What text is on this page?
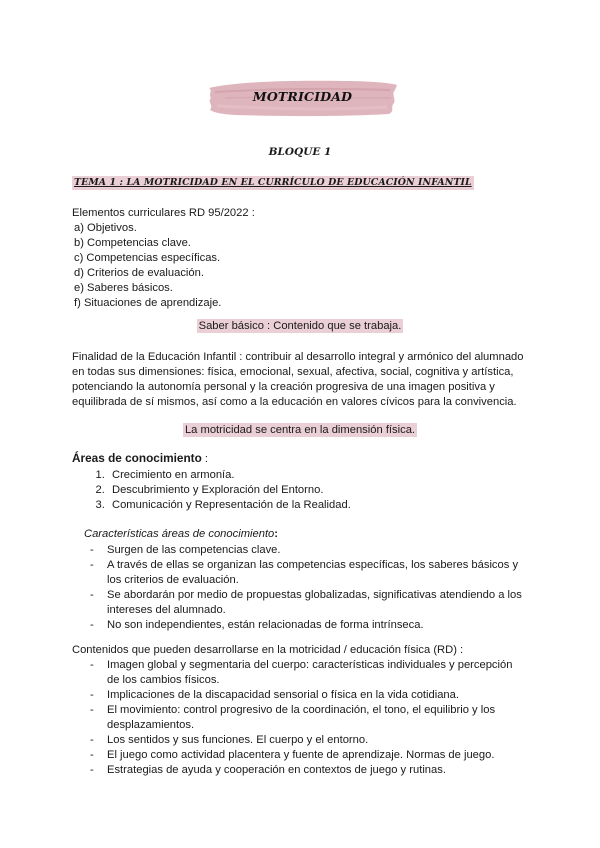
MOTRICIDAD
BLOQUE 1
TEMA 1 : LA MOTRICIDAD EN EL CURRÍCULO DE EDUCACIÓN INFANTIL
Elementos curriculares RD 95/2022 :
a) Objetivos.
b) Competencias clave.
c) Competencias específicas.
d) Criterios de evaluación.
e) Saberes básicos.
f) Situaciones de aprendizaje.
Saber básico : Contenido que se trabaja.
Finalidad de la Educación Infantil : contribuir al desarrollo integral y armónico del alumnado en todas sus dimensiones: física, emocional, sexual, afectiva, social, cognitiva y artística, potenciando la autonomía personal y la creación progresiva de una imagen positiva y equilibrada de sí mismos, así como a la educación en valores cívicos para la convivencia.
La motricidad se centra en la dimensión física.
Áreas de conocimiento :
1. Crecimiento en armonía.
2. Descubrimiento y Exploración del Entorno.
3. Comunicación y Representación de la Realidad.
Características áreas de conocimiento:
- Surgen de las competencias clave.
- A través de ellas se organizan las competencias específicas, los saberes básicos y los criterios de evaluación.
- Se abordarán por medio de propuestas globalizadas, significativas atendiendo a los intereses del alumnado.
- No son independientes, están relacionadas de forma intrínseca.
Contenidos que pueden desarrollarse en la motricidad / educación física (RD) :
- Imagen global y segmentaria del cuerpo: características individuales y percepción de los cambios físicos.
- Implicaciones de la discapacidad sensorial o física en la vida cotidiana.
- El movimiento: control progresivo de la coordinación, el tono, el equilibrio y los desplazamientos.
- Los sentidos y sus funciones. El cuerpo y el entorno.
- El juego como actividad placentera y fuente de aprendizaje. Normas de juego.
- Estrategias de ayuda y cooperación en contextos de juego y rutinas.
